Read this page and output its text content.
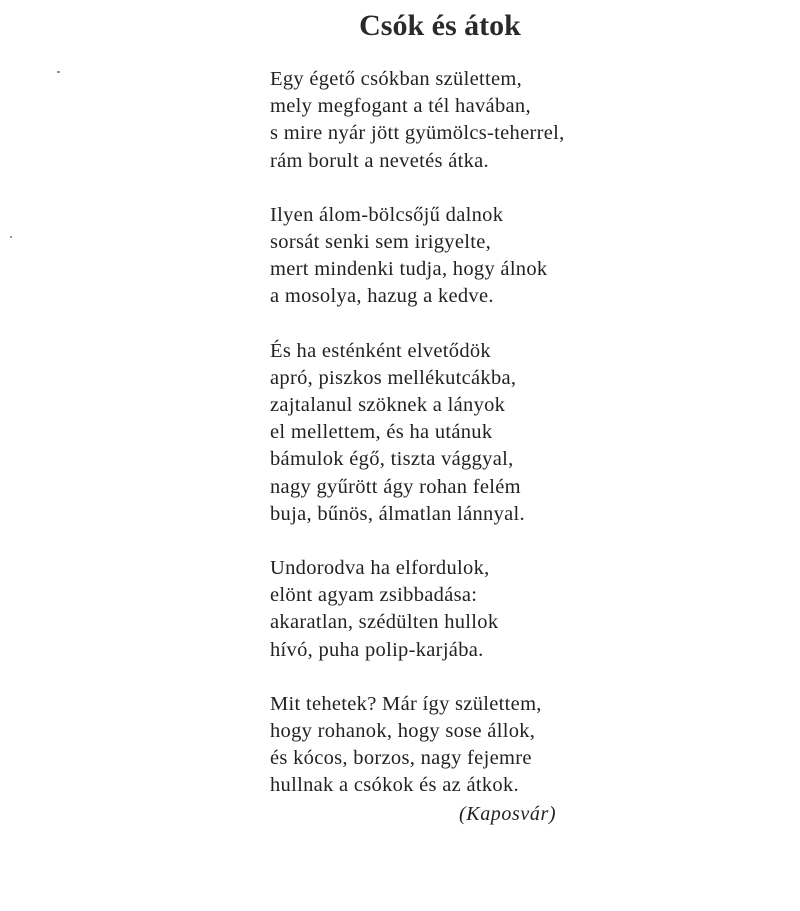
Csók és átok
Egy égető csókban születtem,
mely megfogant a tél havában,
s mire nyár jött gyümölcs-teherrel,
rám borult a nevetés átka.
Ilyen álom-bölcsőjű dalnok
sorsát senki sem irigyelte,
mert mindenki tudja, hogy álnok
a mosolya, hazug a kedve.
És ha esténként elvetődök
apró, piszkos mellékutcákba,
zajtalanul szöknek a lányok
el mellettem, és ha utánuk
bámulok égő, tiszta vággyal,
nagy gyűrött ágy rohan felém
buja, bűnös, álmatlan lánnyal.
Undorodva ha elfordulok,
elönt agyam zsibbadása:
akaratlan, szédülten hullok
hívó, puha polip-karjába.
Mit tehetek? Már így születtem,
hogy rohanok, hogy sose állok,
és kócos, borzos, nagy fejemre
hullnak a csókok és az átkok.

(Kaposvár)
